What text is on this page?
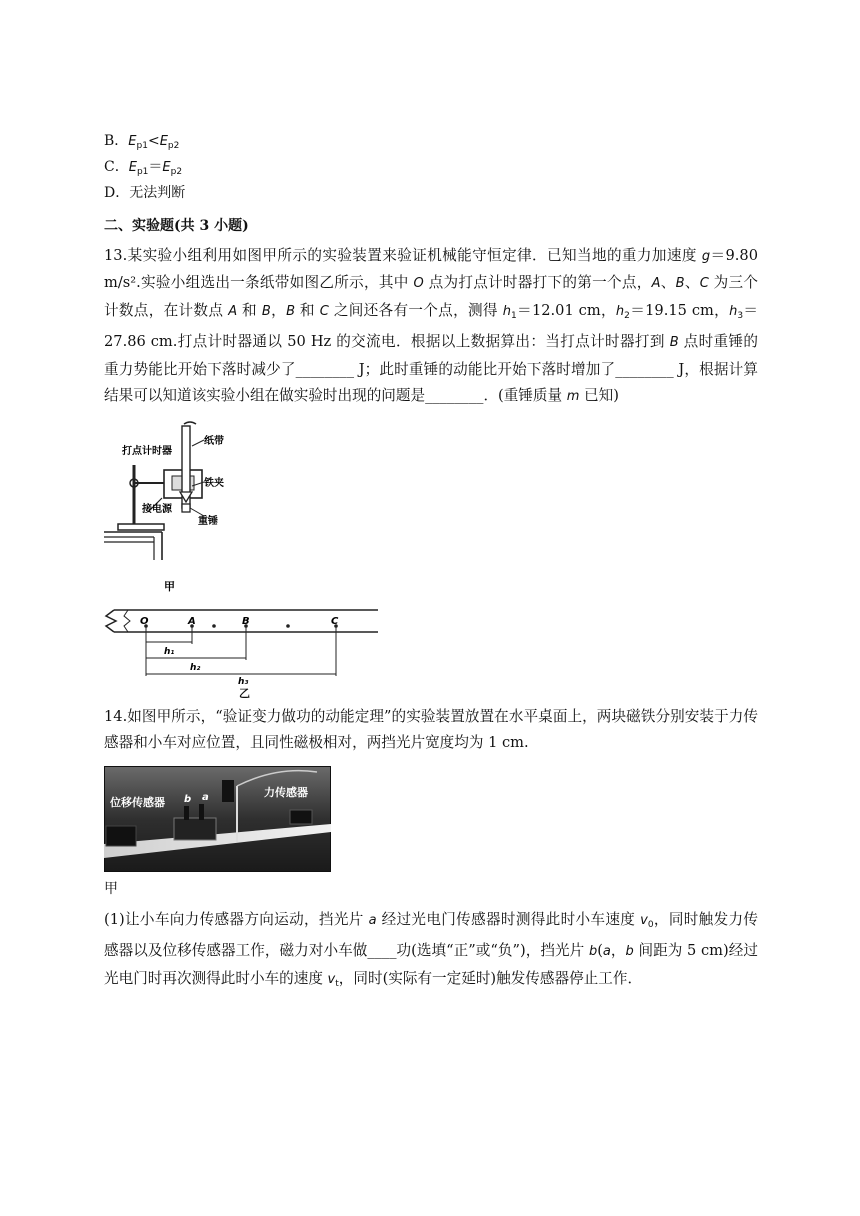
B．$E_{p1}<E_{p2}$
C．$E_{p1}=E_{p2}$
D．无法判断
二、实验题(共 3 小题)
13.某实验小组利用如图甲所示的实验装置来验证机械能守恒定律．已知当地的重力加速度 g＝9.80 m/s².实验小组选出一条纸带如图乙所示，其中 O 点为打点计时器打下的第一个点，A、B、C 为三个计数点，在计数点 A 和 B，B 和 C 之间还各有一个点，测得 $h_1=12.01$ cm，$h_2=19.15$ cm，$h_3=27.86$ cm.打点计时器通以 50 Hz 的交流电．根据以上数据算出：当打点计时器打到 B 点时重锤的重力势能比开始下落时减少了________ J；此时重锤的动能比开始下落时增加了________ J，根据计算结果可以知道该实验小组在做实验时出现的问题是________．(重锤质量 m 已知)
打点计时器
纸带
铁夹
接电源
重锤
甲
O	A	B	C
h₁
h₂
h₃
乙
14.如图甲所示，“验证变力做功的动能定理”的实验装置放置在水平桌面上，两块磁铁分别安装于力传感器和小车对应位置，且同性磁极相对，两挡光片宽度均为 1 cm.
位移传感器
力传感器
b a
甲
(1)让小车向力传感器方向运动，挡光片 a 经过光电门传感器时测得此时小车速度 $v_0$，同时触发力传感器以及位移传感器工作，磁力对小车做____功(选填“正”或“负”)，挡光片 b(a，b 间距为 5 cm)经过光电门时再次测得此时小车的速度 $v_t$，同时(实际有一定延时)触发传感器停止工作．
